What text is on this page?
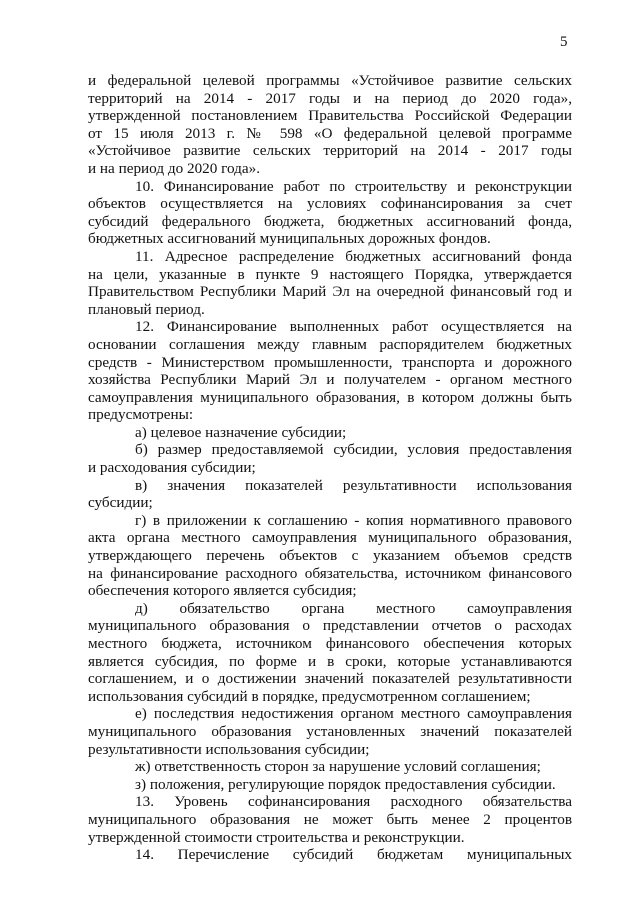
5
и федеральной целевой программы «Устойчивое развитие сельских
территорий на 2014 - 2017 годы и на период до 2020 года»,
утвержденной постановлением Правительства Российской Федерации
от 15 июля 2013 г. № 598 «О федеральной целевой программе
«Устойчивое развитие сельских территорий на 2014 - 2017 годы
и на период до 2020 года».
10. Финансирование работ по строительству и реконструкции
объектов осуществляется на условиях софинансирования за счет
субсидий федерального бюджета, бюджетных ассигнований фонда,
бюджетных ассигнований муниципальных дорожных фондов.
11. Адресное распределение бюджетных ассигнований фонда
на цели, указанные в пункте 9 настоящего Порядка, утверждается
Правительством Республики Марий Эл на очередной финансовый год и
плановый период.
12. Финансирование выполненных работ осуществляется на
основании соглашения между главным распорядителем бюджетных
средств - Министерством промышленности, транспорта и дорожного
хозяйства Республики Марий Эл и получателем - органом местного
самоуправления муниципального образования, в котором должны быть
предусмотрены:
а) целевое назначение субсидии;
б) размер предоставляемой субсидии, условия предоставления
и расходования субсидии;
в) значения показателей результативности использования
субсидии;
г) в приложении к соглашению - копия нормативного правового
акта органа местного самоуправления муниципального образования,
утверждающего перечень объектов с указанием объемов средств
на финансирование расходного обязательства, источником финансового
обеспечения которого является субсидия;
д) обязательство органа местного самоуправления
муниципального образования о представлении отчетов о расходах
местного бюджета, источником финансового обеспечения которых
является субсидия, по форме и в сроки, которые устанавливаются
соглашением, и о достижении значений показателей результативности
использования субсидий в порядке, предусмотренном соглашением;
е) последствия недостижения органом местного самоуправления
муниципального образования установленных значений показателей
результативности использования субсидии;
ж) ответственность сторон за нарушение условий соглашения;
з) положения, регулирующие порядок предоставления субсидии.
13. Уровень софинансирования расходного обязательства
муниципального образования не может быть менее 2 процентов
утвержденной стоимости строительства и реконструкции.
14. Перечисление субсидий бюджетам муниципальных
